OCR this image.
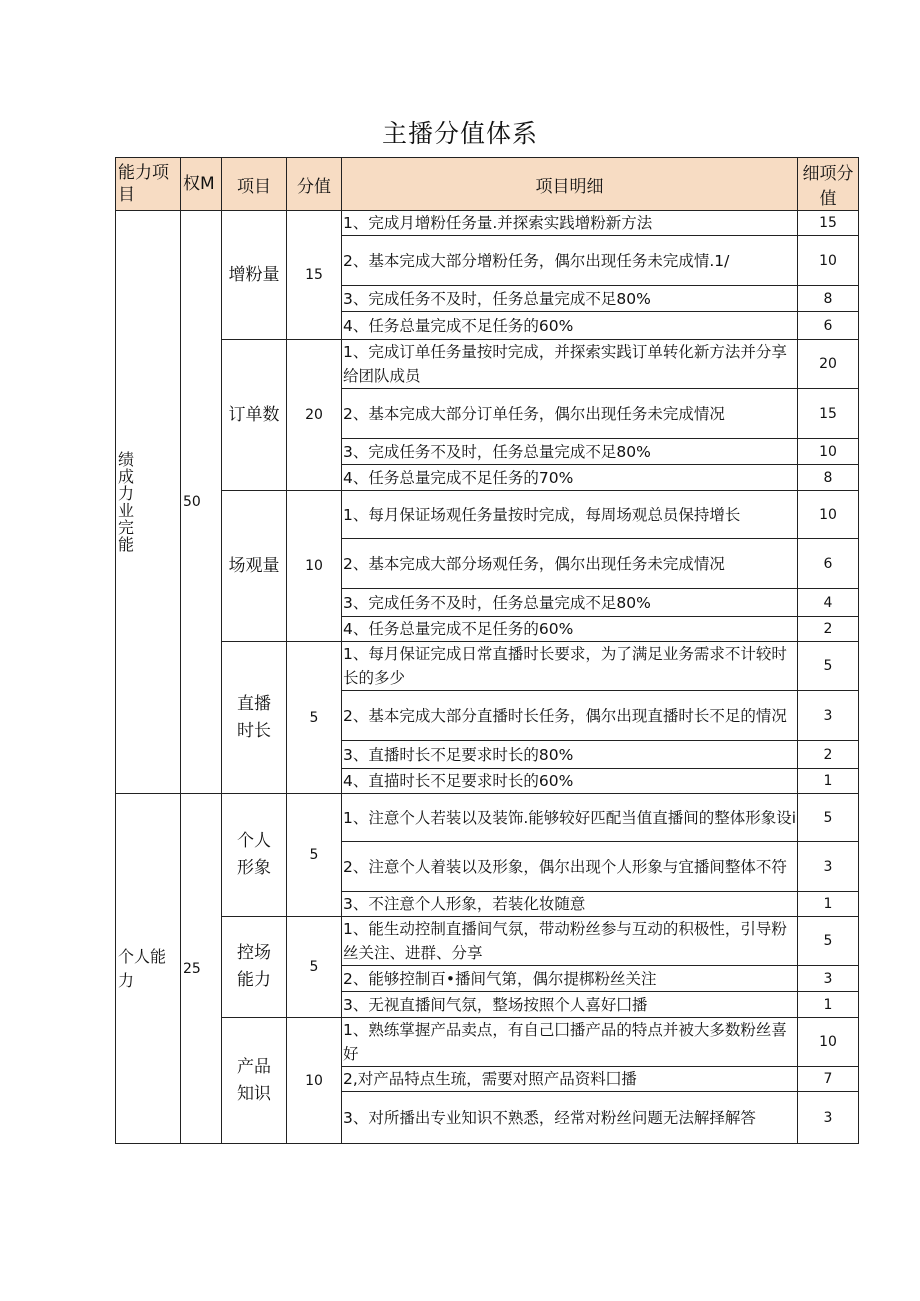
主播分值体系
能力项目	权M	项目	分值	项目明细	细项分值

绩成力业完能	50	增粉量	15	1、完成月增粉任务量.并探索实践增粉新方法	15
				2、基本完成大部分增粉任务，偶尔出现任务未完成情.1/	10
				3、完成任务不及时，任务总量完成不足80%	8
				4、任务总量完成不足任务的60%	6
		订单数	20	1、完成订单任务量按时完成，并探索实践订单转化新方法并分享给团队成员	20
				2、基本完成大部分订单任务，偶尔出现任务未完成情况	15
				3、完成任务不及时，任务总量完成不足80%	10
				4、任务总量完成不足任务的70%	8
		场观量	10	1、每月保证场观任务量按时完成，每周场观总员保持增长	10
				2、基本完成大部分场观任务，偶尔出现任务未完成情况	6
				3、完成任务不及时，任务总量完成不足80%	4
				4、任务总量完成不足任务的60%	2
		直播时长	5	1、每月保证完成日常直播时长要求，为了满足业务需求不计较时长的多少	5
				2、基本完成大部分直播时长任务，偶尔出现直播时长不足的情况	3
				3、直播时长不足要求时长的80%	2
				4、直描时长不足要求时长的60%	1
个人能力	25	个人形象	5	1、注意个人若装以及装饰.能够较好匹配当值直播间的整体形象设i	5
				2、注意个人着装以及形象，偶尔出现个人形象与宜播间整体不符	3
				3、不注意个人形象，若装化妆随意	1
		控场能力	5	1、能生动控制直播间气氛，带动粉丝参与互动的积极性，引导粉丝关注、进群、分享	5
				2、能够控制百•播间气第，偶尔提梆粉丝关注	3
				3、无视直播间气氛，整场按照个人喜好囗播	1
		产品知识	10	1、熟练掌握产品卖点，有自己囗播产品的特点并被大多数粉丝喜好	10
				2,对产品特点生琉，需要对照产品资料囗播	7
				3、对所播出专业知识不熟悉，经常对粉丝问题无法解择解答	3
